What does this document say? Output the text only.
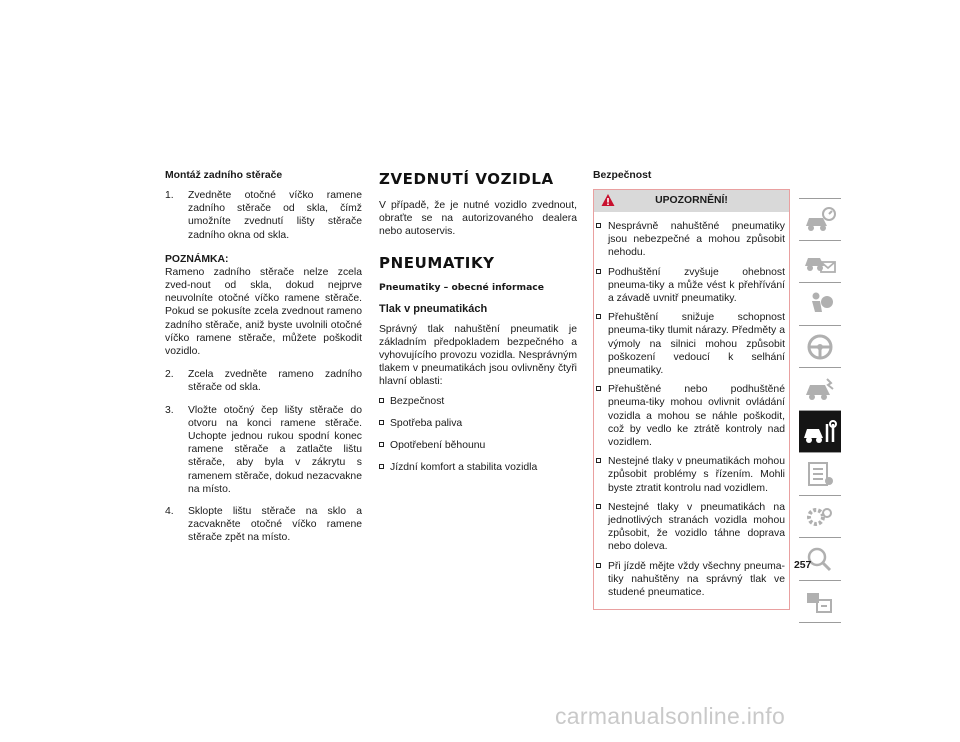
Montáž zadního stěrače

1. Zvedněte otočné víčko ramene zadního stěrače od skla, čímž umožníte zvednutí lišty stěrače zadního okna od skla.

POZNÁMKA:

Rameno zadního stěrače nelze zcela zved-nout od skla, dokud nejprve neuvolníte otočné víčko ramene stěrače. Pokud se pokusíte zcela zvednout rameno zadního stěrače, aniž byste uvolnili otočné víčko ramene stěrače, můžete poškodit vozidlo.

2. Zcela zvedněte rameno zadního stěrače od skla.
3. Vložte otočný čep lišty stěrače do otvoru na konci ramene stěrače. Uchopte jednou rukou spodní konec ramene stěrače a zatlačte lištu stěrače, aby byla v zákrytu s ramenem stěrače, dokud nezacvakne na místo.
4. Sklopte lištu stěrače na sklo a zacvakněte otočné víčko ramene stěrače zpět na místo.

ZVEDNUTÍ VOZIDLA

V případě, že je nutné vozidlo zvednout, obraťte se na autorizovaného dealera nebo autoservis.

PNEUMATIKY

Pneumatiky – obecné informace

Tlak v pneumatikách

Správný tlak nahuštění pneumatik je základním předpokladem bezpečného a vyhovujícího provozu vozidla. Nesprávným tlakem v pneumatikách jsou ovlivněny čtyři hlavní oblasti:

Bezpečnost
Spotřeba paliva
Opotřebení běhounu
Jízdní komfort a stabilita vozidla

Bezpečnost

UPOZORNĚNÍ!
Nesprávně nahuštěné pneumatiky jsou nebezpečné a mohou způsobit nehodu.
Podhuštění zvyšuje ohebnost pneuma-tiky a může vést k přehřívání a závadě uvnitř pneumatiky.
Přehuštění snižuje schopnost pneuma-tiky tlumit nárazy. Předměty a výmoly na silnici mohou způsobit poškození vedoucí k selhání pneumatiky.
Přehuštěné nebo podhuštěné pneuma-tiky mohou ovlivnit ovládání vozidla a mohou se náhle poškodit, což by vedlo ke ztrátě kontroly nad vozidlem.
Nestejné tlaky v pneumatikách mohou způsobit problémy s řízením. Mohli byste ztratit kontrolu nad vozidlem.
Nestejné tlaky v pneumatikách na jednotlivých stranách vozidla mohou způsobit, že vozidlo táhne doprava nebo doleva.
Při jízdě mějte vždy všechny pneuma-tiky nahuštěny na správný tlak ve studené pneumatice.
257
carmanualsonline.info
